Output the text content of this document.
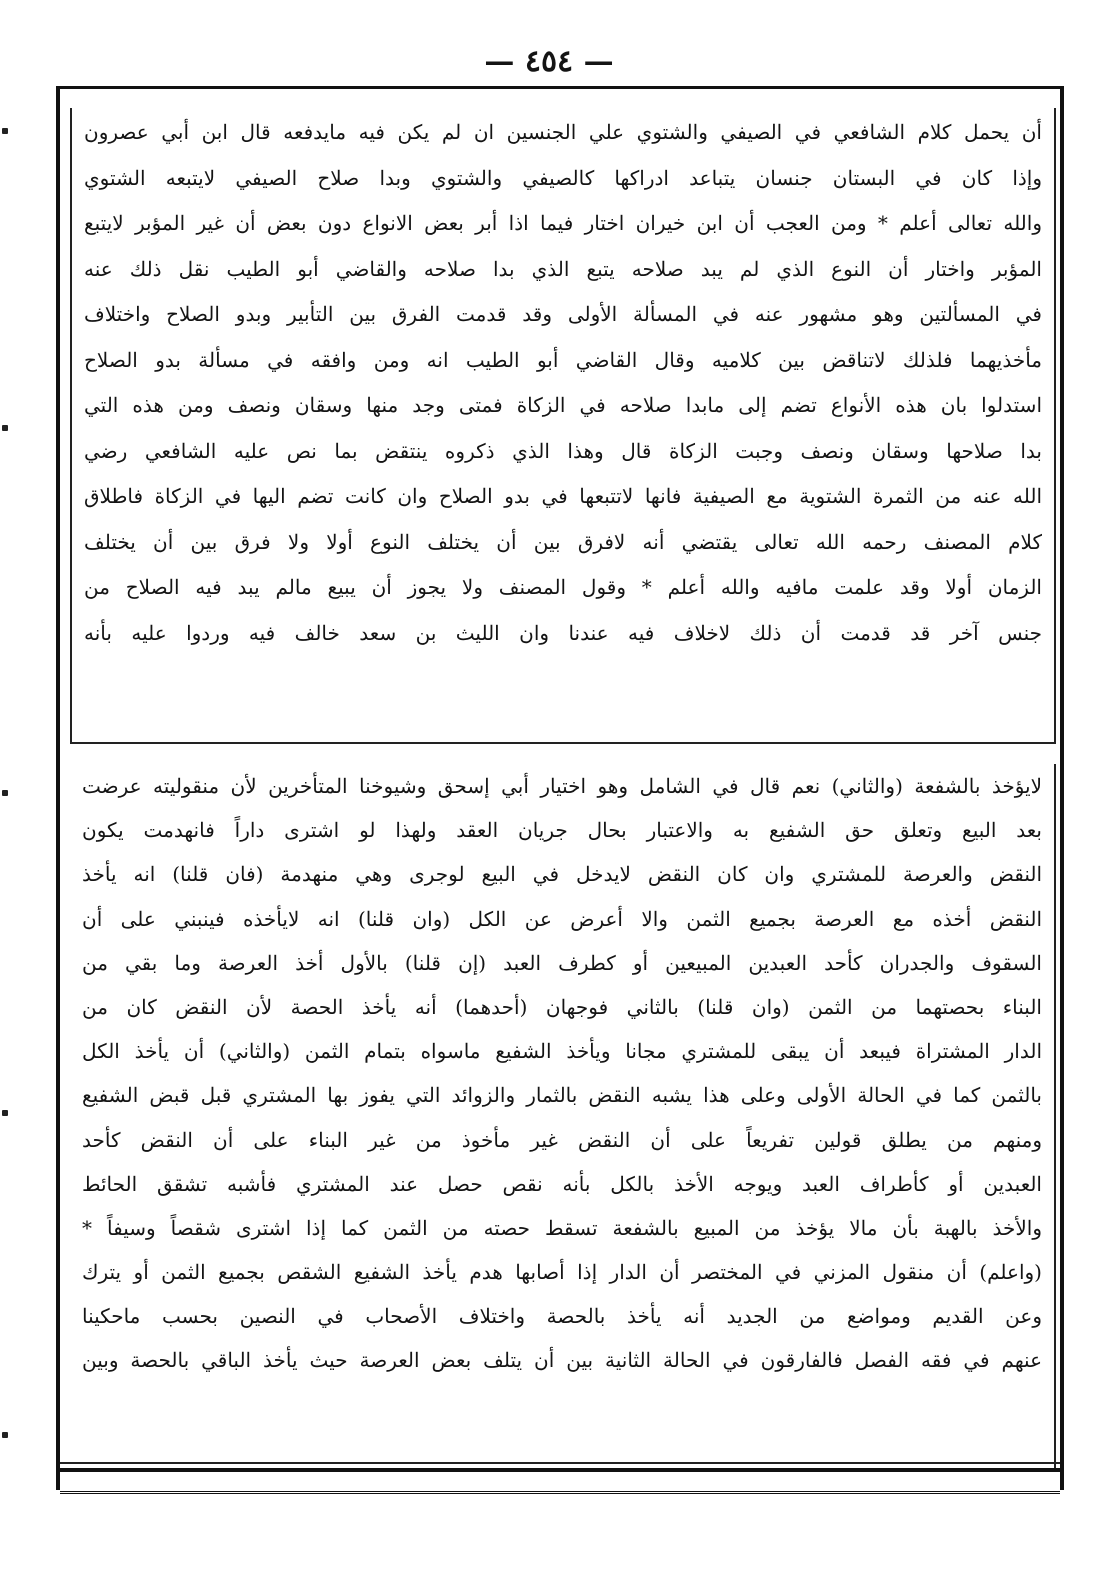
— ٤٥٤ —
أن يحمل كلام الشافعي في الصيفي والشتوي علي الجنسين ان لم يكن فيه مايدفعه قال ابن أبي عصرون
وإذا كان في البستان جنسان يتباعد ادراكها كالصيفي والشتوي وبدا صلاح الصيفي لايتبعه الشتوي
والله تعالى أعلم * ومن العجب أن ابن خيران اختار فيما اذا أبر بعض الانواع دون بعض أن غير المؤبر لايتبع
المؤبر واختار أن النوع الذي لم يبد صلاحه يتبع الذي بدا صلاحه والقاضي أبو الطيب نقل ذلك عنه
في المسألتين وهو مشهور عنه في المسألة الأولى وقد قدمت الفرق بين التأبير وبدو الصلاح واختلاف
مأخذيهما فلذلك لاتناقض بين كلاميه وقال القاضي أبو الطيب انه ومن وافقه في مسألة بدو الصلاح
استدلوا بان هذه الأنواع تضم إلى مابدا صلاحه في الزكاة فمتى وجد منها وسقان ونصف ومن هذه التي
بدا صلاحها وسقان ونصف وجبت الزكاة قال وهذا الذي ذكروه ينتقض بما نص عليه الشافعي رضي
الله عنه من الثمرة الشتوية مع الصيفية فانها لاتتبعها في بدو الصلاح وان كانت تضم اليها في الزكاة فاطلاق
كلام المصنف رحمه الله تعالى يقتضي أنه لافرق بين أن يختلف النوع أولا ولا فرق بين أن يختلف
الزمان أولا وقد علمت مافيه والله أعلم * وقول المصنف ولا يجوز أن يبيع مالم يبد فيه الصلاح من
جنس آخر قد قدمت أن ذلك لاخلاف فيه عندنا وان الليث بن سعد خالف فيه وردوا عليه بأنه
لايؤخذ بالشفعة (والثاني) نعم قال في الشامل وهو اختيار أبي إسحق وشيوخنا المتأخرين لأن منقوليته عرضت
بعد البيع وتعلق حق الشفيع به والاعتبار بحال جريان العقد ولهذا لو اشترى داراً فانهدمت يكون
النقض والعرصة للمشتري وان كان النقض لايدخل في البيع لوجرى وهي منهدمة (فان قلنا) انه يأخذ
النقض أخذه مع العرصة بجميع الثمن والا أعرض عن الكل (وان قلنا) انه لايأخذه فينبني على أن
السقوف والجدران كأحد العبدين المبيعين أو كطرف العبد (إن قلنا) بالأول أخذ العرصة وما بقي من
البناء بحصتهما من الثمن (وان قلنا) بالثاني فوجهان (أحدهما) أنه يأخذ الحصة لأن النقض كان من
الدار المشتراة فيبعد أن يبقى للمشتري مجانا ويأخذ الشفيع ماسواه بتمام الثمن (والثاني) أن يأخذ الكل
بالثمن كما في الحالة الأولى وعلى هذا يشبه النقض بالثمار والزوائد التي يفوز بها المشتري قبل قبض الشفيع
ومنهم من يطلق قولين تفريعاً على أن النقض غير مأخوذ من غير البناء على أن النقض كأحد
العبدين أو كأطراف العبد ويوجه الأخذ بالكل بأنه نقص حصل عند المشتري فأشبه تشقق الحائط
والأخذ بالهبة بأن مالا يؤخذ من المبيع بالشفعة تسقط حصته من الثمن كما إذا اشترى شقصاً وسيفاً *
(واعلم) أن منقول المزني في المختصر أن الدار إذا أصابها هدم يأخذ الشفيع الشقص بجميع الثمن أو يترك
وعن القديم ومواضع من الجديد أنه يأخذ بالحصة واختلاف الأصحاب في النصين بحسب ماحكينا
عنهم في فقه الفصل فالفارقون في الحالة الثانية بين أن يتلف بعض العرصة حيث يأخذ الباقي بالحصة وبين
